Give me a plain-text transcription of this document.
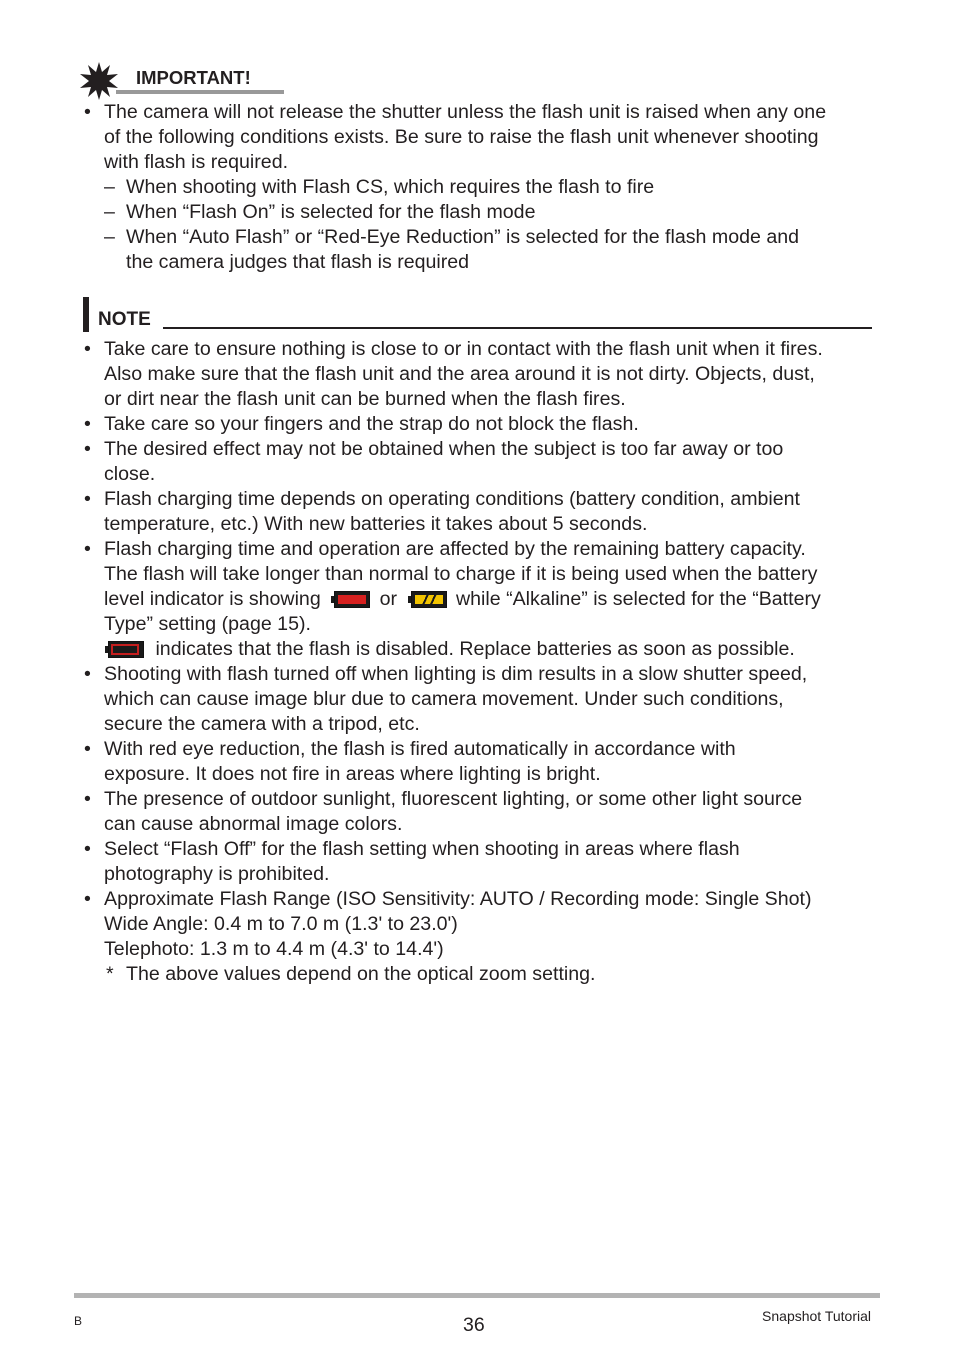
IMPORTANT!
• The camera will not release the shutter unless the flash unit is raised when any one
of the following conditions exists. Be sure to raise the flash unit whenever shooting
with flash is required.
– When shooting with Flash CS, which requires the flash to fire
– When “Flash On” is selected for the flash mode
– When “Auto Flash” or “Red-Eye Reduction” is selected for the flash mode and
the camera judges that flash is required
NOTE
• Take care to ensure nothing is close to or in contact with the flash unit when it fires.
Also make sure that the flash unit and the area around it is not dirty. Objects, dust,
or dirt near the flash unit can be burned when the flash fires.
• Take care so your fingers and the strap do not block the flash.
• The desired effect may not be obtained when the subject is too far away or too
close.
• Flash charging time depends on operating conditions (battery condition, ambient
temperature, etc.) With new batteries it takes about 5 seconds.
• Flash charging time and operation are affected by the remaining battery capacity.
The flash will take longer than normal to charge if it is being used when the battery
level indicator is showing	or	while “Alkaline” is selected for the “Battery
Type” setting (page 15).
indicates that the flash is disabled. Replace batteries as soon as possible.
• Shooting with flash turned off when lighting is dim results in a slow shutter speed,
which can cause image blur due to camera movement. Under such conditions,
secure the camera with a tripod, etc.
• With red eye reduction, the flash is fired automatically in accordance with
exposure. It does not fire in areas where lighting is bright.
• The presence of outdoor sunlight, fluorescent lighting, or some other light source
can cause abnormal image colors.
• Select “Flash Off” for the flash setting when shooting in areas where flash
photography is prohibited.
• Approximate Flash Range (ISO Sensitivity: AUTO / Recording mode: Single Shot)
Wide Angle: 0.4 m to 7.0 m (1.3' to 23.0')
Telephoto: 1.3 m to 4.4 m (4.3' to 14.4')
* The above values depend on the optical zoom setting.
B	36	Snapshot Tutorial
